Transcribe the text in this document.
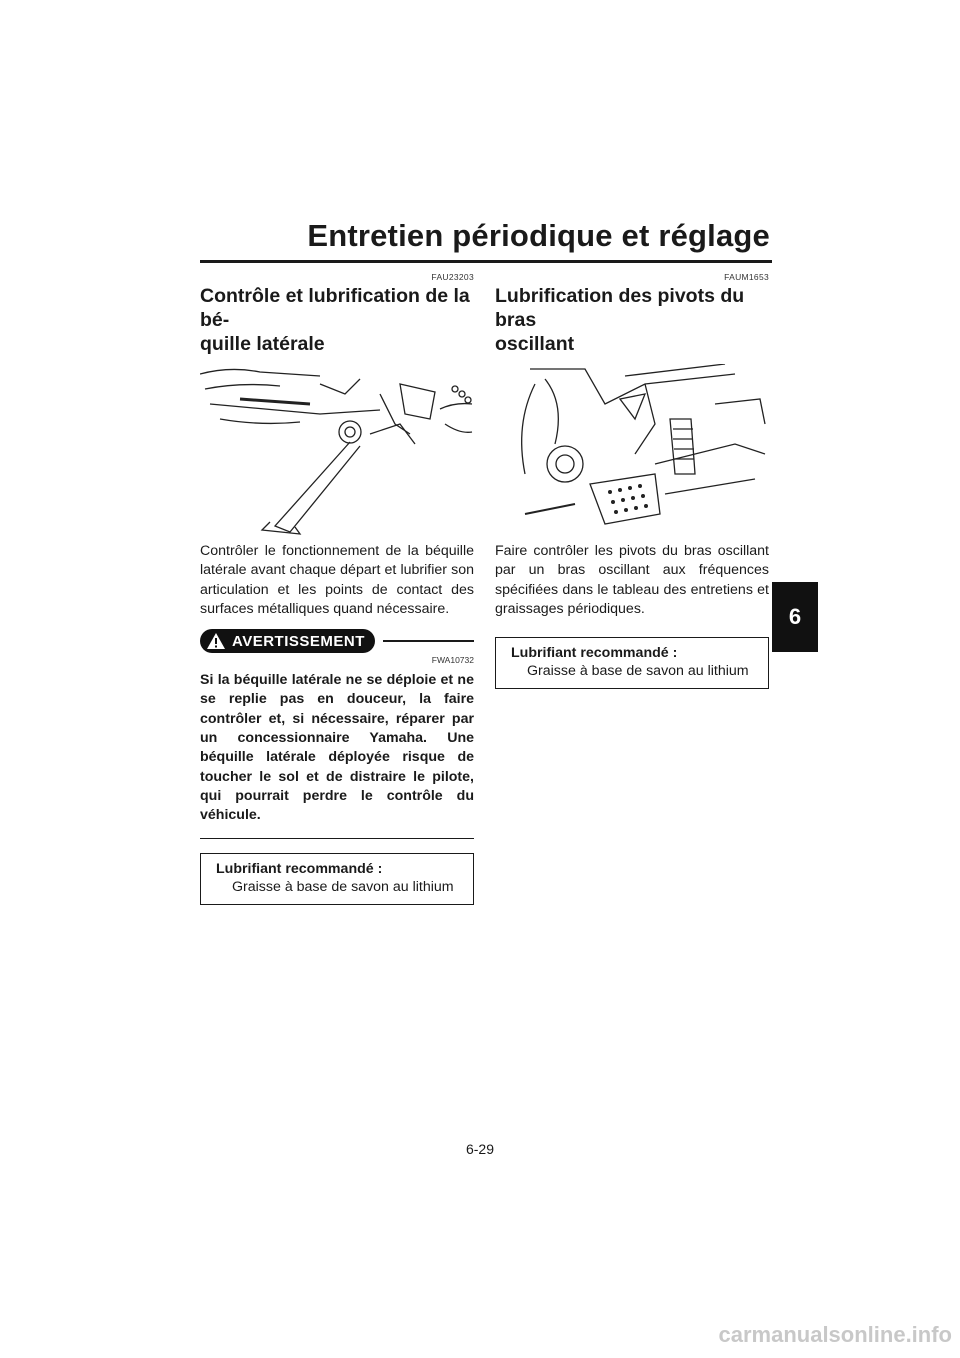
Entretien périodique et réglage
6
FAU23203
Contrôle et lubrification de la bé-
quille latérale

Contrôler le fonctionnement de la béquille latérale avant chaque départ et lubrifier son articulation et les points de contact des surfaces métalliques quand nécessaire.

AVERTISSEMENT
FWA10732

Si la béquille latérale ne se déploie et ne se replie pas en douceur, la faire contrôler et, si nécessaire, réparer par un concessionnaire Yamaha. Une béquille latérale déployée risque de toucher le sol et de distraire le pilote, qui pourrait perdre le contrôle du véhicule.

Lubrifiant recommandé :
Graisse à base de savon au lithium
FAUM1653
Lubrification des pivots du bras
oscillant

Faire contrôler les pivots du bras oscillant par un bras oscillant aux fréquences spécifiées dans le tableau des entretiens et graissages périodiques.

Lubrifiant recommandé :
Graisse à base de savon au lithium
6-29
carmanualsonline.info
